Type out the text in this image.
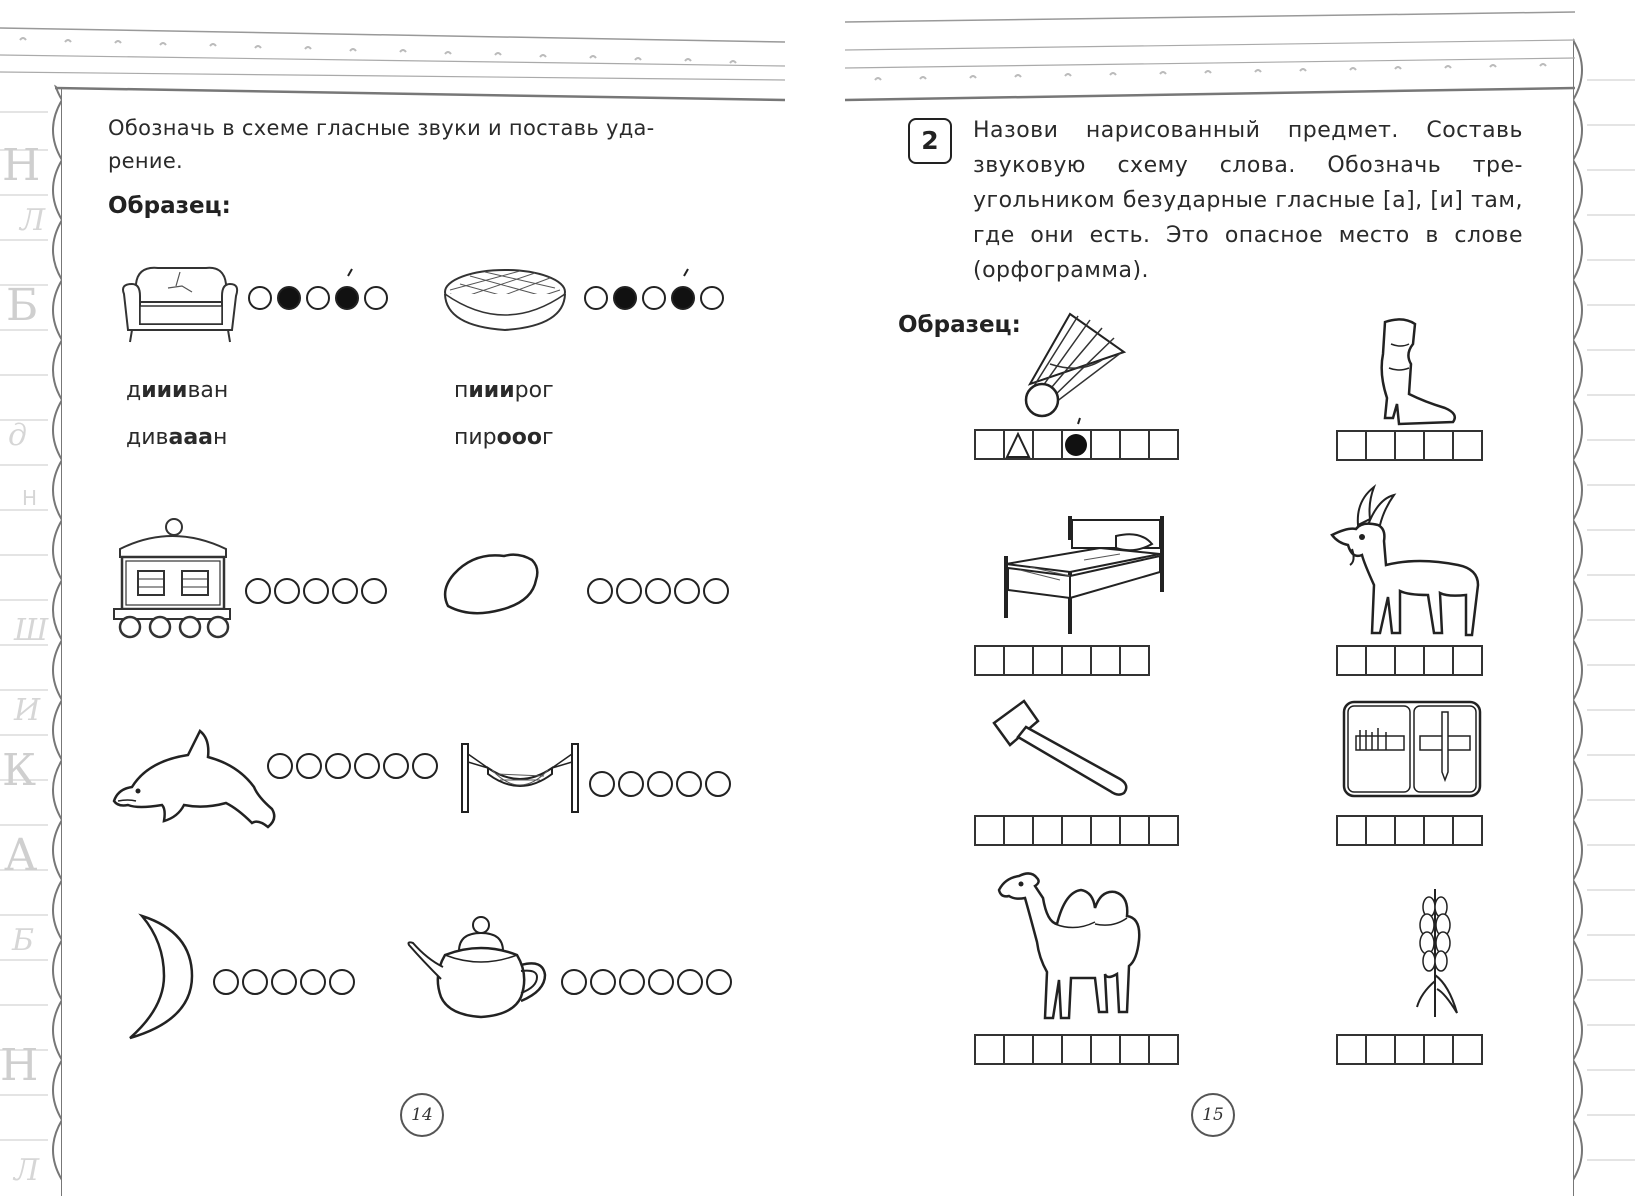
Н
Б
К
А
Н
Л
д
Ш
И
Б
Л
Н
Обозначь в схеме гласные звуки и поставь уда-рение.
Образец:
диииван
дивааан
пииирог
пирооог
14
2	Назови нарисованный предмет. Составь звуковую схему слова. Обозначь тре-угольником безударные гласные [а], [и] там, где они есть. Это опасное место в слове (орфограмма).
Образец:
15
